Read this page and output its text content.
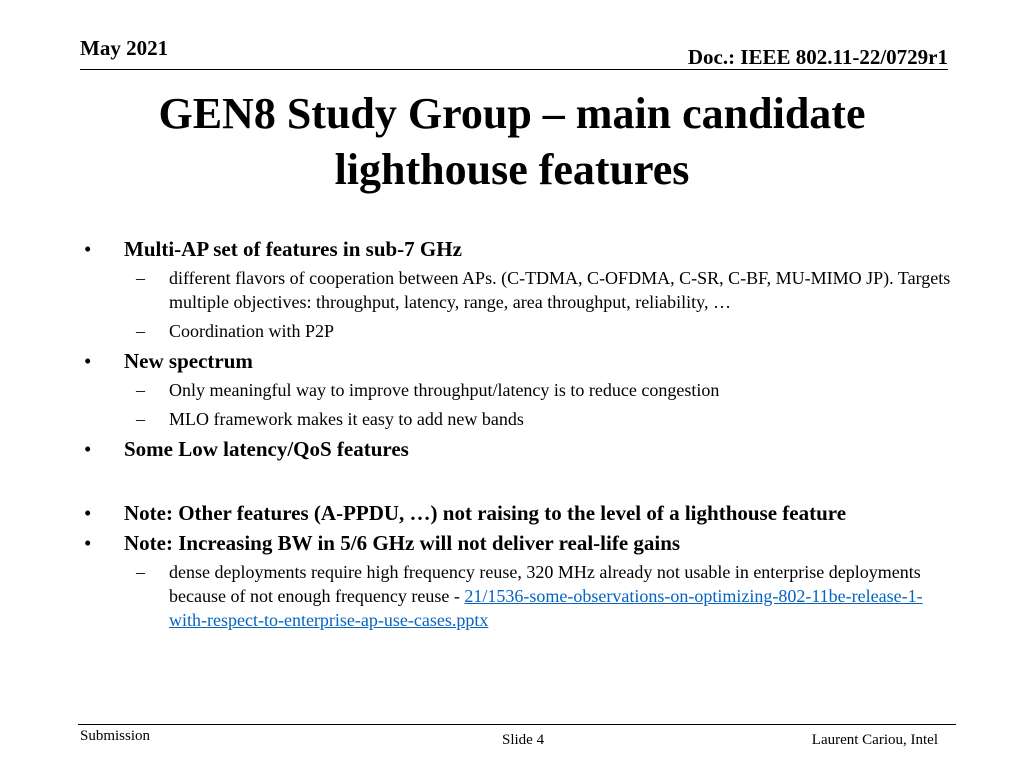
May 2021	Doc.: IEEE 802.11-22/0729r1
GEN8 Study Group – main candidate
lighthouse features
• Multi-AP set of features in sub-7 GHz
– different flavors of cooperation between APs. (C-TDMA, C-OFDMA, C-SR, C-BF, MU-MIMO JP). Targets multiple objectives: throughput, latency, range, area throughput, reliability, …
– Coordination with P2P
• New spectrum
– Only meaningful way to improve throughput/latency is to reduce congestion
– MLO framework makes it easy to add new bands
• Some Low latency/QoS features
• Note: Other features (A-PPDU, …) not raising to the level of a lighthouse feature
• Note: Increasing BW in 5/6 GHz will not deliver real-life gains
– dense deployments require high frequency reuse, 320 MHz already not usable in enterprise deployments because of not enough frequency reuse - 21/1536-some-observations-on-optimizing-802-11be-release-1-with-respect-to-enterprise-ap-use-cases.pptx
Submission	Slide 4	Laurent Cariou, Intel
